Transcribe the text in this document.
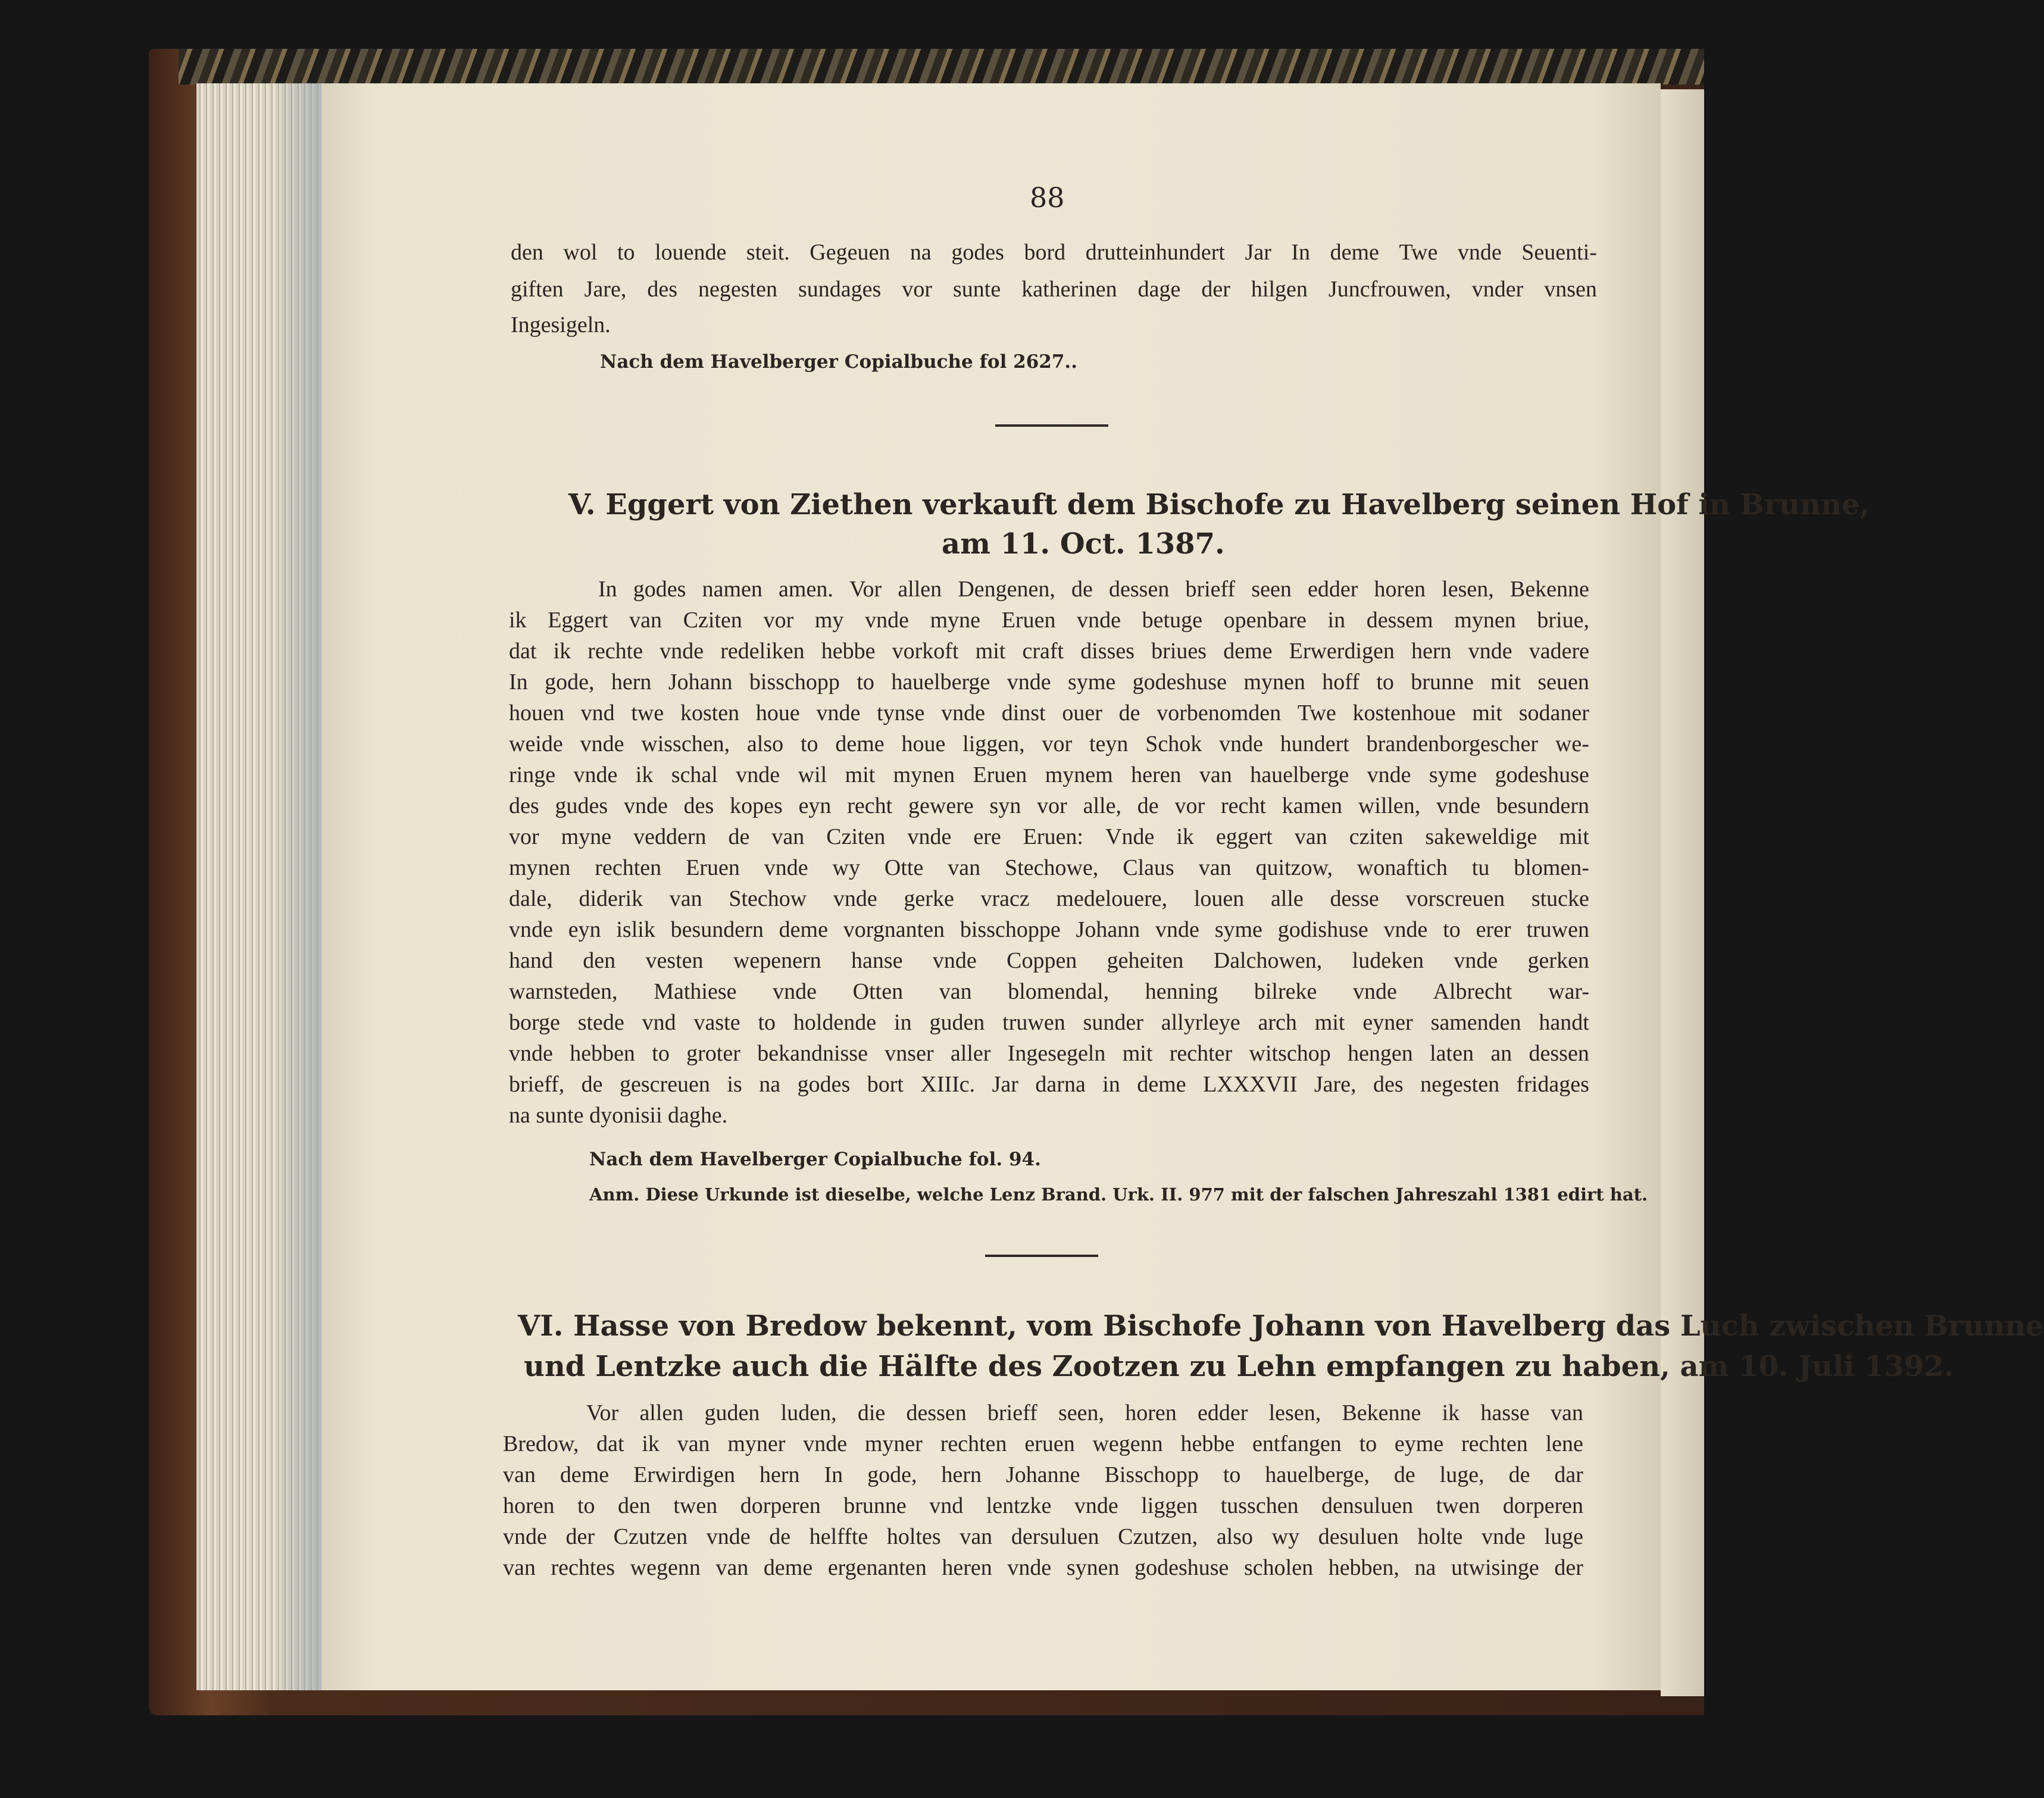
88
den wol to louende steit. Gegeuen na godes bord drutteinhundert Jar In deme Twe vnde Seuenti-
giften Jare, des negesten sundages vor sunte katherinen dage der hilgen Juncfrouwen, vnder vnsen
Ingesigeln.
Nach dem Havelberger Copialbuche fol 2627..
V. Eggert von Ziethen verkauft dem Bischofe zu Havelberg seinen Hof in Brunne,
am 11. Oct. 1387.
In godes namen amen. Vor allen Dengenen, de dessen brieff seen edder horen lesen, Bekenne
ik Eggert van Cziten vor my vnde myne Eruen vnde betuge openbare in dessem mynen briue,
dat ik rechte vnde redeliken hebbe vorkoft mit craft disses briues deme Erwerdigen hern vnde vadere
In gode, hern Johann bisschopp to hauelberge vnde syme godeshuse mynen hoff to brunne mit seuen
houen vnd twe kosten houe vnde tynse vnde dinst ouer de vorbenomden Twe kostenhoue mit sodaner
weide vnde wisschen, also to deme houe liggen, vor teyn Schok vnde hundert brandenborgescher we-
ringe vnde ik schal vnde wil mit mynen Eruen mynem heren van hauelberge vnde syme godeshuse
des gudes vnde des kopes eyn recht gewere syn vor alle, de vor recht kamen willen, vnde besundern
vor myne veddern de van Cziten vnde ere Eruen: Vnde ik eggert van cziten sakeweldige mit
mynen rechten Eruen vnde wy Otte van Stechowe, Claus van quitzow, wonaftich tu blomen-
dale, diderik van Stechow vnde gerke vracz medelouere, louen alle desse vorscreuen stucke
vnde eyn islik besundern deme vorgnanten bisschoppe Johann vnde syme godishuse vnde to erer truwen
hand den vesten wepenern hanse vnde Coppen geheiten Dalchowen, ludeken vnde gerken
warnsteden, Mathiese vnde Otten van blomendal, henning bilreke vnde Albrecht war-
borge stede vnd vaste to holdende in guden truwen sunder allyrleye arch mit eyner samenden handt
vnde hebben to groter bekandnisse vnser aller Ingesegeln mit rechter witschop hengen laten an dessen
brieff, de gescreuen is na godes bort XIIIc. Jar darna in deme LXXXVII Jare, des negesten fridages
na sunte dyonisii daghe.
Nach dem Havelberger Copialbuche fol. 94.
Anm. Diese Urkunde ist dieselbe, welche Lenz Brand. Urk. II. 977 mit der falschen Jahreszahl 1381 edirt hat.
VI. Hasse von Bredow bekennt, vom Bischofe Johann von Havelberg das Luch zwischen Brunne
und Lentzke auch die Hälfte des Zootzen zu Lehn empfangen zu haben, am 10. Juli 1392.
Vor allen guden luden, die dessen brieff seen, horen edder lesen, Bekenne ik hasse van
Bredow, dat ik van myner vnde myner rechten eruen wegenn hebbe entfangen to eyme rechten lene
van deme Erwirdigen hern In gode, hern Johanne Bisschopp to hauelberge, de luge, de dar
horen to den twen dorperen brunne vnd lentzke vnde liggen tusschen densuluen twen dorperen
vnde der Czutzen vnde de helffte holtes van dersuluen Czutzen, also wy desuluen holte vnde luge
van rechtes wegenn van deme ergenanten heren vnde synen godeshuse scholen hebben, na utwisinge der
